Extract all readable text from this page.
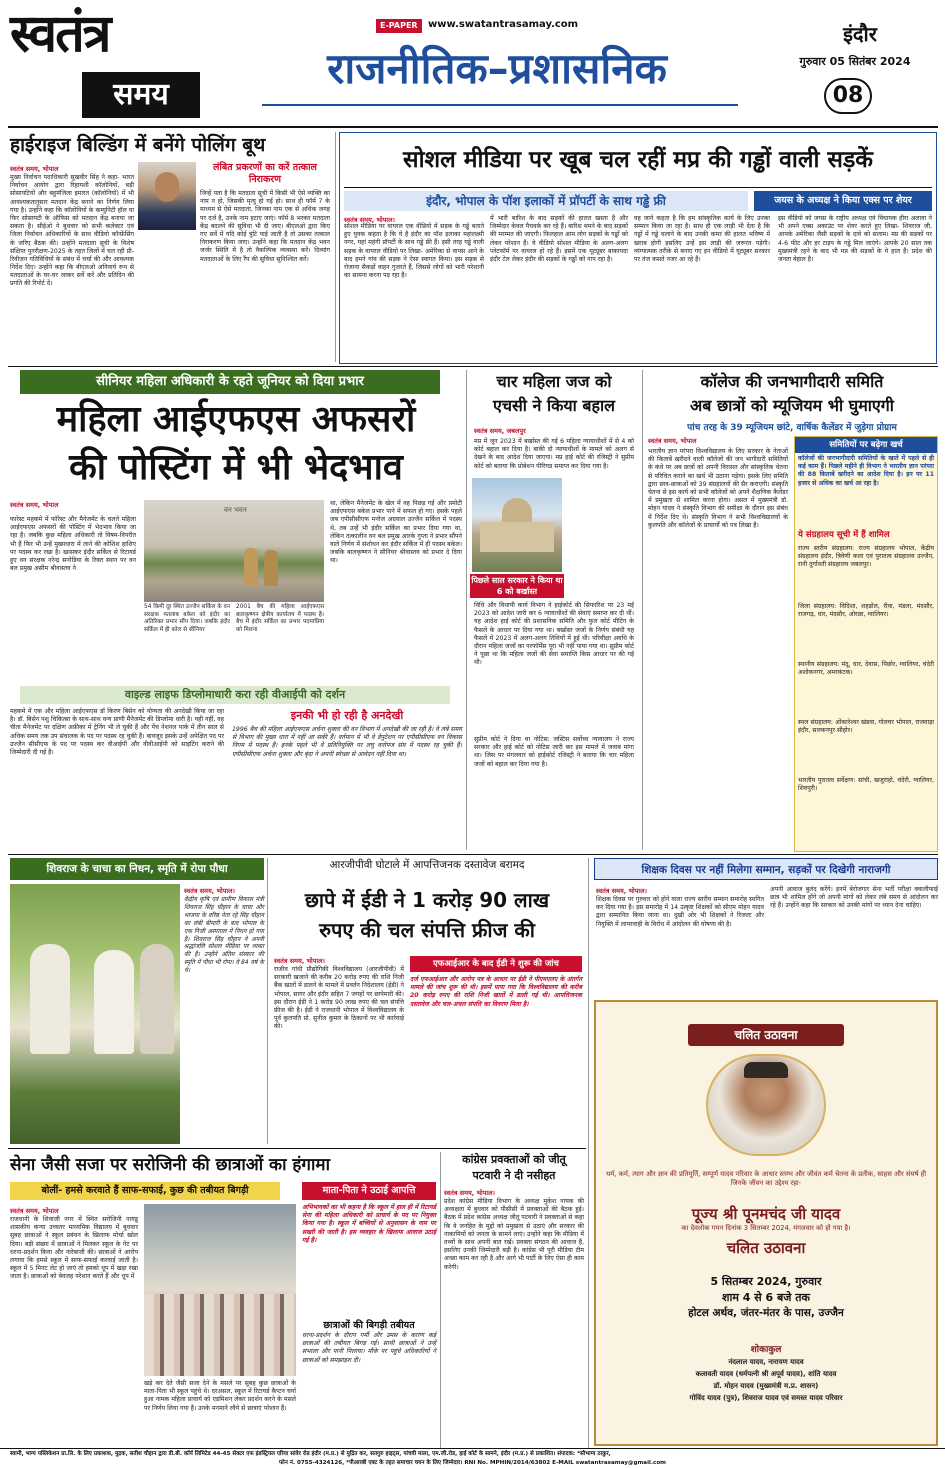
स्वतंत्र
समय
E-PAPER	www.swatantrasamay.com
राजनीतिक–प्रशासनिक
इंदौर
गुरुवार 05 सितंबर 2024
08
हाईराइज बिल्डिंग में बनेंगे पोलिंग बूथ
स्वतंत्र समय, भोपाल
मुख्य निर्वाचन पदाधिकारी सुखवीर सिंह ने कहा- भारत निर्वाचन आयोग द्वारा रिहायशी कॉलोनियों, बड़ी सोसायटियों और बहुमंजिला इमारत (कॉलोनियों) में भी आवश्यकतानुसार मतदान केंद्र बनाने का निर्णय लिया गया है। उन्होंने कहा कि कॉलोनियों के कम्युनिटी हॉल या फिर सोसायटी के ऑफिस को मतदान केंद्र बनाया जा सकता है। सीईओ ने बुधवार को सभी कलेक्टर एवं जिला निर्वाचन अधिकारियों के साथ वीडियो कॉन्फ्रेंसिंग के जरिए बैठक की। उन्होंने मतदाता सूची के विशेष संक्षिप्त पुनरीक्षण-2025 के तहत जिलों में चल रही प्री-रिवीजन गतिविधियों के संबंध में चर्चा की और आवश्यक निर्देश दिए। उन्होंने कहा कि बीएलओ अनिवार्य रूप से मतदाताओं के घर-घर जाकर सर्वे करें और प्रतिदिन की प्रगति की रिपोर्ट दें।
लंबित प्रकरणों का करें तत्काल निराकरण
जिन्हें पता है कि मतदाता सूची में किसी भी ऐसे व्यक्ति का नाम न हो, जिसकी मृत्यु हो गई हो। साथ ही फॉर्म 7 के माध्यम से ऐसे मतदाता, जिनका नाम एक से अधिक जगह पर दर्ज है, उनके नाम हटाए जाएं। फॉर्म 8 भरकर मतदाता केंद्र बदलने की सुविधा भी दी जाए। बीएलओ द्वारा किए गए सर्वे में यदि कोई त्रुटि पाई जाती है तो उसका तत्काल निराकरण किया जाए। उन्होंने कहा कि मतदान केंद्र भवन जर्जर स्थिति में है तो वैकल्पिक व्यवस्था करें। दिव्यांग मतदाताओं के लिए रैंप की सुविधा सुनिश्चित करें।
सोशल मीडिया पर खूब चल रहीं मप्र की गड्ढों वाली सड़कें
इंदौर, भोपाल के पॉश इलाकों में प्रॉपर्टी के साथ गड्ढे फ्री	जयस के अध्यक्ष ने किया एक्स पर शेयर
स्वतंत्र समय, भोपाल।
सोशल मीडिया पर वायरल एक वीडियो में सड़क के गड्ढे बताते हुए युवक कहता है कि ये है इंदौर का पॉश इलाका महालक्ष्मी नगर, यहां महंगी प्रॉपर्टी के साथ गड्ढे फ्री हैं। इसी तरह गड्ढे वाली सड़क के वायरल वीडियो पर लिखा- अमेरिका से वापस आने के बाद हमने गांव की सड़क ने ऐसा स्वागत किया। इस सड़क से रोजाना सैकड़ों वाहन गुजरते हैं, जिससे लोगों को भारी परेशानी का सामना करना पड़ रहा है।
में भारी बारिश के बाद सड़कों की हालत खस्ता है और जिम्मेदार केवल पैचवर्क कर रहे हैं। बारिश थमने के बाद सड़कों की मरम्मत की जाएगी। फिलहाल आम लोग सड़कों के गड्ढों को लेकर परेशान हैं। ये वीडियो सोशल मीडिया के अलग-अलग प्लेटफॉर्म पर वायरल हो रहे हैं। इसमें एक यूट्यूबर बाकायदा इंदौर टेल लेकर इंदौर की सड़कों के गड्ढों को नाप रहा है।
वह जाने कहता है कि हम सांस्कृतिक कार्य के लिए उनका सम्मान किया जा रहा है। साथ ही एक लाड़ी भी देता है कि गड्ढों में गड्ढे चलाने के बाद उनकी कमर की हालत भविष्य में खराब होगी इसलिए उन्हें इस लाड़ी की जरूरत पड़ेगी। व्यंग्यात्मक तरीके से बनाए गए इन वीडियो में यूट्यूबर सरकार पर तंज कसते नजर आ रहे हैं।
इस वीडियो को जयस के राष्ट्रीय अध्यक्ष एवं विधायक हीरा अलावा ने भी अपने एक्स अकाउंट पर शेयर करते हुए लिखा- शिवराज जी, आपके अमेरिका जैसी सड़कों के दावे को सलाम। मप्र की सड़कों पर 4-6 फीट और हर टाइप के गड्ढे मिल जाएंगे। आपके 20 साल तक मुख्यमंत्री रहने के बाद भी मप्र की सड़कों के ये हाल हैं। प्रदेश की जनता बेहाल है।
सीनियर महिला अधिकारी के रहते जूनियर को दिया प्रभार
महिला आईएफएस अफसरों
की पोस्टिंग में भी भेदभाव
स्वतंत्र समय, भोपाल
फारेस्ट महकमे में फॉरेस्ट और मैनेजमेंट के चलते महिला आईएफएस अफसरों की पोस्टिंग में भेदभाव किया जा रहा है। जबकि कुछ महिला अधिकारी तो विषम-विपरीत भी हैं फिर भी उन्हें मुख्यधारा में लाने की कोशिश हाशिए पर पदस्थ कर रखा है। खासकर इंदौर सर्किल से रिटायर्ड हुए वन संरक्षक नरेन्द्र सनोडिया के रिक्त स्थान पर वन बल प्रमुख असीम श्रीवास्तव ने
वन भवन
54 किमी दूर स्थित उज्जैन सर्किल के वन संरक्षक मतलाब बकेल को इंदौर का अतिरिक्त प्रभार सौंप दिया। जबकि इंदौर सर्किल में ही कोल से सीनियर
2001 बैच की महिला आईएफएस बालकृष्णन क्षेत्रीय कार्यालय में पदस्थ हैं। बैच में इंदौर सर्किल का प्रभार पदमाप्रिया को मिलना
था, लेकिन मैनेजमेंट के खेल में वह पिछड़ गई और प्रमोटी आईएफएस बकेल प्रभार पाने में सफल हो गए। इसके पहले जब एपीसीसीएफ मनोज अग्रवाल उज्जैन सर्किल में पदस्थ थे, तब उन्हें भी इंदौर सर्किल का प्रभार दिया गया था, लेकिन तत्कालीन वन बल प्रमुख आरके गुप्ता ने प्रभार सौंपने वाले निर्णय में संशोधन कर इंदौर सर्किल में ही पदस्थ बकेल। जबकि बालकृष्णन ने सीनियर श्रीवास्तव को प्रभार दे दिया था।
वाइल्ड लाइफ डिप्लोमाधारी करा रही वीआईपी को दर्शन
महकमे में एक और महिला आईएफएस डॉ किरण बिसेन को योग्यता की अनदेखी किया जा रहा है। डॉ. बिसेन पशु चिकित्सा के साथ-साथ वन्य प्राणी मैनेजमेंट की डिप्लोमा धारी है। यही नहीं, वह चीता मैनेजमेंट पर दक्षिण अफ्रीका में ट्रेनिंग भी ले चुकी हैं और पेंच नेशनल पार्क में तीन साल से अधिक समय तक उप संचालक के पद पर पदस्थ रह चुकी हैं। बावजूद इसके उन्हें अपेक्षित पद पर उज्जैन सीसीएफ के पद पर पदस्थ कर वीआईपी और वीवीआईपी को साइटिंग कराने की जिम्मेदारी दी गई है।
इनकी भी हो रही है अनदेखी
1996 बैच की महिला आईएफएस अर्चना शुक्ला की वन विभाग में अनदेखी की जा रही है। वे लंबे समय से विभाग की मुख्य धारा में नहीं आ सकी हैं। वर्तमान में भी वे डेपुटेशन पर एपीसीसीएफ वन विकास निगम में पदस्थ हैं। इनके पहले भी वे प्रतिनियुक्ति पर लघु वनोपज संघ में पदस्थ रह चुकी हैं। एपीसीसीएफ अर्चना शुक्ला और बृंदा ने अपनी स्वेच्छा से आवेदन नहीं दिया था।
चार महिला जज को
एचसी ने किया बहाल
स्वतंत्र समय, जबलपुर
पिछले साल सरकार ने किया था 6 को बर्खास्त
मप्र में जून 2023 में बर्खास्त की गई 6 महिला न्यायाधीशों में से 4 को कोर्ट बहाल कर दिया है। बाकी दो न्यायाधीशों के मामले को अलग से देखने के बाद आदेश दिया जाएगा। मप्र हाई कोर्ट की रजिस्ट्री ने सुप्रीम कोर्ट को बताया कि प्रोबेशन पीरियड समाप्त कर दिया गया है।
विधि और विधायी कार्य विभाग ने हाईकोर्ट की सिफारिश पर 23 मई 2023 को आदेश जारी कर 6 न्यायाधीशों की सेवाएं समाप्त कर दी थीं। यह आदेश हाई कोर्ट की प्रशासनिक समिति और फुल कोर्ट मीटिंग के फैसले के आधार पर दिया गया था। बर्खास्त जजों के निर्णय संबंधी यह फैसले में 2023 में अलग-अलग तिथियों में हुई थी। परिवीक्षा अवधि के दौरान महिला जजों का परफॉर्मेंस पूरा भी नहीं पाया गया था। सुप्रीम कोर्ट ने पूछा था कि महिला जजों की सेवा समाप्ति किस आधार पर की गई थी।
सुप्रीम कोर्ट ने दिया था नोटिस: जस्टिस सर्वोच्च न्यायालय ने राज्य सरकार और हाई कोर्ट को नोटिस जारी कर इस मामले में जवाब मांगा था। जिस पर मंगलवार को हाईकोर्ट रजिस्ट्री ने बताया कि चार महिला जजों को बहाल कर दिया गया है।
कॉलेज की जनभागीदारी समिति
अब छात्रों को म्यूजियम भी घुमाएगी
पांच तरह के 39 म्यूजियम छांटे, वार्षिक कैलेंडर में जुड़ेगा प्रोग्राम
स्वतंत्र समय, भोपाल
भारतीय ज्ञान परंपरा विश्वविद्यालय के लिए सरकार के नेताओं की किताबें खरीदने वाली कॉलेजों की जन भागीदारी समितियों के कंधे पर अब छात्रों को अपनी विरासत और सांस्कृतिक चेतना से परिचित कराने का खर्च भी उठाना पड़ेगा। इसके लिए समिति द्वारा छात्र-छात्राओं को 39 संग्रहालयों की सैर कराएगी। संस्कृति चेतना से इस कार्य को सभी कॉलेजों को अपने शैक्षणिक कैलेंडर में प्रमुखता से शामिल करना होगा। असल में मुख्यमंत्री डॉ. मोहन यादव ने संस्कृति विभाग की समीक्षा के दौरान इस संबंध में निर्देश दिए थे। संस्कृति विभाग ने सभी विश्वविद्यालयों के कुलपति और कॉलेजों के प्राचार्यों को पत्र लिखा है।
समितियों पर बढ़ेगा खर्च
कॉलेजों की जनभागीदारी समितियों के खाते में पहले से ही कई काम हैं। पिछले महीने ही विभाग ने भारतीय ज्ञान परंपरा की 88 किताबें खरीदने का आदेश दिया है। इन पर 11 हजार से अधिक का खर्च आ रहा है।
ये संग्रहालय सूची में हैं शामिल
राज्य स्तरीय संग्रहालय: राज्य संग्रहालय भोपाल, केंद्रीय संग्रहालय इंदौर, त्रिवेणी कला एवं पुरातत्व संग्रहालय उज्जैन, रानी दुर्गावती संग्रहालय जबलपुर।
जिला संग्रहालय: विदिशा, शहडोल, रीवा, मंडला, मंदसौर, राजगढ़, धार, मंदसौर, ओरछा, ग्वालियर।
स्थानीय संग्रहालय: मंदू, धार, देवास, पिछोर, ग्वालियर, चंदेरी अशोकनगर, अमरकंटक।
स्थल संग्रहालय: ओंकारेश्वर खंडवा, गोलघर भोपाल, राजवाड़ा इंदौर, सलकनपुर सीहोर।
भारतीय पुरातत्व सर्वेक्षण: सांची, खजुराहो, चंदेरी, ग्वालियर, शिवपुरी।
शिवराज के चाचा का निधन, स्मृति में रोपा पौधा
स्वतंत्र समय, भोपाल।
केंद्रीय कृषि एवं ग्रामीण विकास मंत्री शिवराज सिंह चौहान के चाचा और भाजपा के वरिष्ठ नेता रहे सिंह चौहान का लंबी बीमारी के बाद भोपाल के एक निजी अस्पताल में निधन हो गया है। शिवराज सिंह चौहान ने अपनी श्रद्धांजलि सोशल मीडिया पर व्यक्त की है। उन्होंने अंतिम संस्कार की स्मृति में पौधा भी रोपा। वे 84 वर्ष के थे।
आरजीपीवी घोटाले में आपत्तिजनक दस्तावेज बरामद
छापे में ईडी ने 1 करोड़ 90 लाख
रुपए की चल संपत्ति फ्रीज की
स्वतंत्र समय, भोपाल।
राजीव गांधी प्रौद्योगिकी विश्वविद्यालय (आरजीपीवी) में सरकारी खजाने की करीब 20 करोड़ रुपए की राशि निजी बैंक खातों में डालने के मामले में प्रवर्तन निदेशालय (ईडी) ने भोपाल, सागर और इंदौर सहित 7 जगहों पर छापेमारी की। इस दौरान ईडी ने 1 करोड़ 90 लाख रुपए की चल संपत्ति फ्रीज की है। ईडी ने राजधानी भोपाल में विश्वविद्यालय के पूर्व कुलपति प्रो. सुनील कुमार के ठिकानों पर भी कार्रवाई की।
एफआईआर के बाद ईडी ने शुरू की जांच
दर्ज एफआईआर और आरोप पत्र के आधार पर ईडी ने पीएमएलए के अंतर्गत मामले की जांच शुरू की थी। इसमें पाया गया कि विश्वविद्यालय की करीब 20 करोड़ रुपए की राशि निजी खातों में डाली गई थी। आपत्तिजनक दस्तावेज और चल-अचल संपत्ति का विवरण मिला है।
शिक्षक दिवस पर नहीं मिलेगा सम्मान, सड़कों पर दिखेगी नाराजगी
स्वतंत्र समय, भोपाल।
शिक्षक दिवस पर गुरुवार को होने वाला राज्य स्तरीय सम्मान समारोह स्थगित कर दिया गया है। इस समारोह में 14 उत्कृष्ट शिक्षकों को सीएम मोहन यादव द्वारा सम्मानित किया जाना था। दुखी ओर भी शिक्षकों ने रिजल्ट और नियुक्ति में लापरवाही के विरोध में आंदोलन की घोषणा की है।
अपनी आवाज बुलंद करेंगे। इनमें बेरोजगार सेना भर्ती परीक्षा क्वालीफाई छात्र भी शामिल होंगे जो अपनी मांगों को लेकर लंबे समय से आंदोलन कर रहे हैं। उन्होंने कहा कि सरकार को उनकी मांगों पर ध्यान देना चाहिए।
चलित उठावना
धर्म, कर्म, त्याग और ज्ञान की प्रतिमूर्ति, सम्पूर्ण यादव परिवार के आधार स्तम्भ और जीवंत कर्म चेतना के प्रतीक, साहस और संघर्ष ही जिनके जीवन का उद्देश्य रहा-
पूज्य श्री पूनमचंद जी यादव
का देवलोक गमन दिनांक 3 सितम्बर 2024, मंगलवार को हो गया है।
चलित उठावना
5 सितम्बर 2024, गुरुवार
शाम 4 से 6 बजे तक
होटल अर्थव, जंतर-मंतर के पास, उज्जैन
शोकाकुल
नंदलाल यादव, नारायण यादव
कलावती यादव (धर्मपत्नी श्री अपूर्व यादव), शांति यादव
डॉ. मोहन यादव (मुख्यमंत्री म.प्र. शासन)
गोविंद यादव (पुत्र), शिवराज यादव एवं समस्त यादव परिवार
सेना जैसी सजा पर सरोजिनी की छात्राओं का हंगामा
बोलीं- हमसे करवाते हैं साफ-सफाई, कुछ की तबीयत बिगड़ी
स्वतंत्र समय, भोपाल
राजधानी के शिवाजी नगर में स्थित सरोजिनी नायडू शासकीय कन्या उच्चतर माध्यमिक विद्यालय में बुधवार सुबह छात्राओं ने स्कूल प्रबंधन के खिलाफ मोर्चा खोल दिया। बड़ी संख्या में छात्राओं ने मिलकर स्कूल के गेट पर धरना-प्रदर्शन किया और नारेबाजी की। छात्राओं ने आरोप लगाया कि हमसे स्कूल में साफ-सफाई करवाई जाती है। स्कूल में 5 मिनट लेट हो जाएं तो हमको धूप में खड़ा रखा जाता है। छात्राओं को बेवजह परेशान करते हैं और धूप में
खड़े कर देते जैसी सजा देने के मसले पर सुबह कुछ छात्राओं के माता-पिता भी स्कूल पहुंचे थे। दरअसल, स्कूल में रिटायर्ड कैप्टन चर्या हुआ नामक महिला प्राचार्य को एडमिशन लेकर प्रदर्शन करने के मसले पर निर्णय लिया गया है। उनके मनमाने रवैये से छात्राएं परेशान हैं।
माता-पिता ने उठाई आपत्ति
अभिभावकों का भी कहना है कि स्कूल में हाल ही में रिटायर्ड सेना की महिला अधिकारी को प्राचार्य के पद पर नियुक्त किया गया है। स्कूल में बच्चियों से अनुशासन के नाम पर सख्ती की जाती है। इस व्यवहार के खिलाफ आवाज उठाई गई है।
छात्राओं की बिगड़ी तबीयत
धरना-प्रदर्शन के दौरान गर्मी और उमस के कारण कई छात्राओं की तबीयत बिगड़ गई। साथी छात्राओं ने उन्हें संभाला और पानी पिलाया। मौके पर पहुंचे अधिकारियों ने छात्राओं को समझाइश दी।
कांग्रेस प्रवक्ताओं को जीतू
पटवारी ने दी नसीहत
स्वतंत्र समय, भोपाल।
प्रदेश कांग्रेस मीडिया विभाग के अध्यक्ष मुकेश नायक की अध्यक्षता में बुधवार को पीसीसी में प्रवक्ताओं की बैठक हुई। बैठक में प्रदेश कांग्रेस अध्यक्ष जीतू पटवारी ने प्रवक्ताओं से कहा कि वे जनहित के मुद्दों को प्रमुखता से उठाएं और सरकार की नाकामियों को जनता के सामने लाएं। उन्होंने कहा कि मीडिया में तथ्यों के साथ अपनी बात रखें। प्रवक्ता संगठन की आवाज हैं, इसलिए उनकी जिम्मेदारी बड़ी है। कांग्रेस भी पूरी मीडिया टीम अच्छा काम कर रही है और आगे भी पार्टी के लिए ऐसा ही काम करेगी।
स्वामी, भाग्य पब्लिकेशन प्रा.लि. के लिए प्रकाशक, मुद्रक, सतीश चौहान द्वारा डी.बी. कॉर्प लिमिटेड 44-45 सेक्टर एफ इंडस्ट्रियल एरिया सांवेर रोड इंदौर (म.प्र.) से मुद्रित कर, सतगुरु हाइट्स, पांचवी माला, एम.जी.रोड, हाई कोर्ट के सामने, इंदौर (म.प्र.) से प्रकाशित। संपादक: *सौभाग्य ठाकुर,
फोन नं. 0755-4324126, *पीआरबी एक्ट के तहत समाचार चयन के लिए जिम्मेदार। RNI No. MPHIN/2014/63802 E-MAIL swatantrasamay@gmail.com
